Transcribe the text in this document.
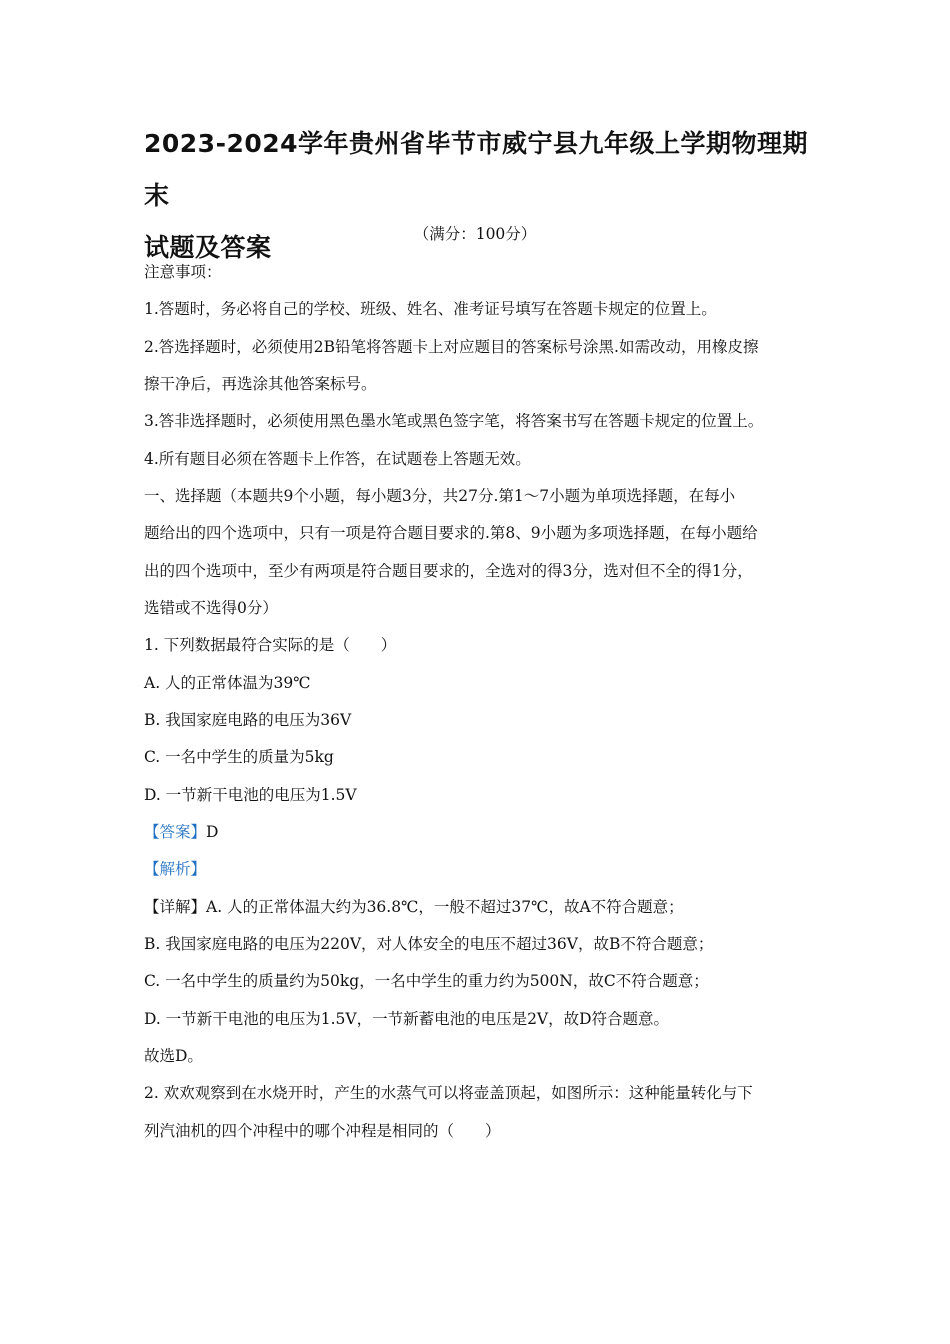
2023-2024学年贵州省毕节市威宁县九年级上学期物理期末
试题及答案	（满分：100分）
注意事项：
1.答题时，务必将自己的学校、班级、姓名、准考证号填写在答题卡规定的位置上。
2.答选择题时，必须使用2B铅笔将答题卡上对应题目的答案标号涂黑.如需改动，用橡皮擦
擦干净后，再选涂其他答案标号。
3.答非选择题时，必须使用黑色墨水笔或黑色签字笔，将答案书写在答题卡规定的位置上。
4.所有题目必须在答题卡上作答，在试题卷上答题无效。
一、选择题（本题共9个小题，每小题3分，共27分.第1～7小题为单项选择题，在每小
题给出的四个选项中，只有一项是符合题目要求的.第8、9小题为多项选择题，在每小题给
出的四个选项中，至少有两项是符合题目要求的，全选对的得3分，选对但不全的得1分，
选错或不选得0分）
1. 下列数据最符合实际的是（　　）
A. 人的正常体温为39℃
B. 我国家庭电路的电压为36V
C. 一名中学生的质量为5kg
D. 一节新干电池的电压为1.5V
【答案】D
【解析】
【详解】A. 人的正常体温大约为36.8℃，一般不超过37℃，故A不符合题意；
B. 我国家庭电路的电压为220V，对人体安全的电压不超过36V，故B不符合题意；
C. 一名中学生的质量约为50kg，一名中学生的重力约为500N，故C不符合题意；
D. 一节新干电池的电压为1.5V，一节新蓄电池的电压是2V，故D符合题意。
故选D。
2. 欢欢观察到在水烧开时，产生的水蒸气可以将壶盖顶起，如图所示：这种能量转化与下
列汽油机的四个冲程中的哪个冲程是相同的（　　）
